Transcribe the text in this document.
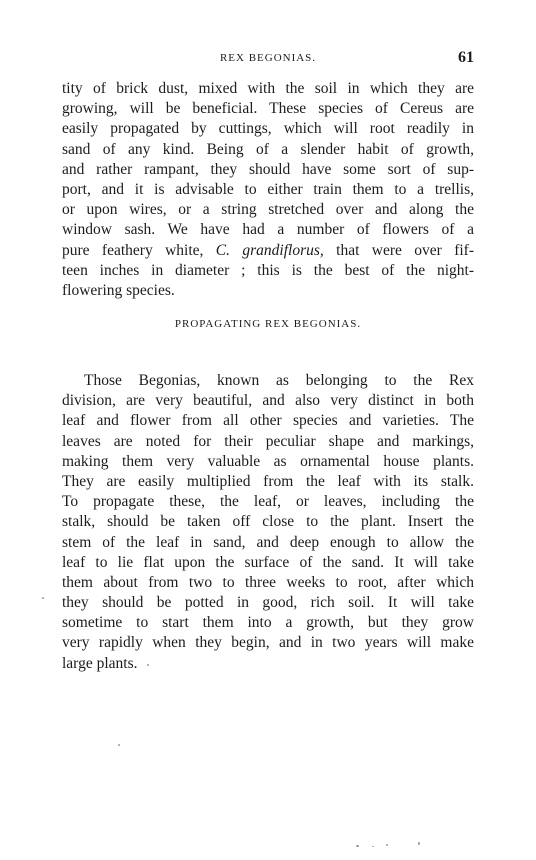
REX BEGONIAS.	61
tity of brick dust, mixed with the soil in which they are
growing, will be beneficial. These species of Cereus are
easily propagated by cuttings, which will root readily in
sand of any kind. Being of a slender habit of growth,
and rather rampant, they should have some sort of sup-
port, and it is advisable to either train them to a trellis,
or upon wires, or a string stretched over and along the
window sash. We have had a number of flowers of a
pure feathery white, C. grandiflorus, that were over fif-
teen inches in diameter ; this is the best of the night-
flowering species.
PROPAGATING REX BEGONIAS.
Those Begonias, known as belonging to the Rex
division, are very beautiful, and also very distinct in both
leaf and flower from all other species and varieties. The
leaves are noted for their peculiar shape and markings,
making them very valuable as ornamental house plants.
They are easily multiplied from the leaf with its stalk.
To propagate these, the leaf, or leaves, including the
stalk, should be taken off close to the plant. Insert the
stem of the leaf in sand, and deep enough to allow the
leaf to lie flat upon the surface of the sand. It will take
them about from two to three weeks to root, after which
they should be potted in good, rich soil. It will take
sometime to start them into a growth, but they grow
very rapidly when they begin, and in two years will make
large plants.
